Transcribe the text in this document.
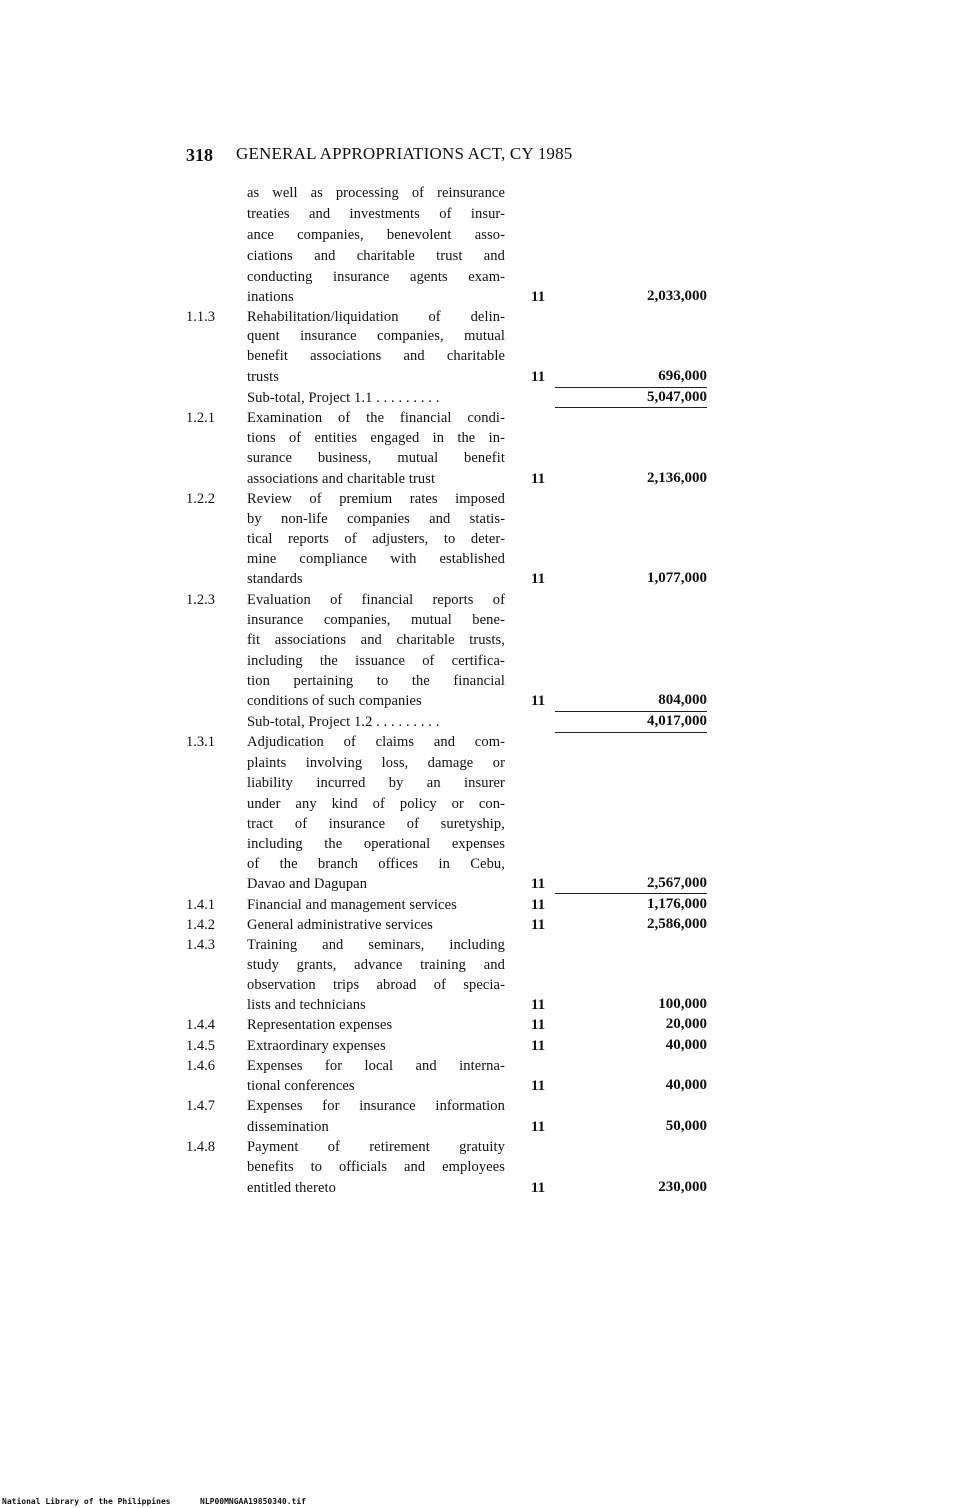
318 GENERAL APPROPRIATIONS ACT, CY 1985
as well as processing of reinsurance
treaties and investments of insur-
ance companies, benevolent asso-
ciations and charitable trust and
conducting insurance agents exam-
inations	11	2,033,000
1.1.3 Rehabilitation/liquidation of delin-
quent insurance companies, mutual
benefit associations and charitable
trusts	11	696,000
Sub-total, Project 1.1 . . . . . . . . .	5,047,000
1.2.1 Examination of the financial condi-
tions of entities engaged in the in-
surance business, mutual benefit
associations and charitable trust	11	2,136,000
1.2.2 Review of premium rates imposed
by non-life companies and statis-
tical reports of adjusters, to deter-
mine compliance with established
standards	11	1,077,000
1.2.3 Evaluation of financial reports of
insurance companies, mutual bene-
fit associations and charitable trusts,
including the issuance of certifica-
tion pertaining to the financial
conditions of such companies	11	804,000
Sub-total, Project 1.2 . . . . . . . . .	4,017,000
1.3.1 Adjudication of claims and com-
plaints involving loss, damage or
liability incurred by an insurer
under any kind of policy or con-
tract of insurance of suretyship,
including the operational expenses
of the branch offices in Cebu,
Davao and Dagupan	11	2,567,000
1.4.1 Financial and management services	11	1,176,000
1.4.2 General administrative services	11	2,586,000
1.4.3 Training and seminars, including
study grants, advance training and
observation trips abroad of specia-
lists and technicians	11	100,000
1.4.4 Representation expenses	11	20,000
1.4.5 Extraordinary expenses	11	40,000
1.4.6 Expenses for local and interna-
tional conferences	11	40,000
1.4.7 Expenses for insurance information
dissemination	11	50,000
1.4.8 Payment of retirement gratuity
benefits to officials and employees
entitled thereto	11	230,000
National Library of the Philippines	NLP00MNGAA19850340.tif
